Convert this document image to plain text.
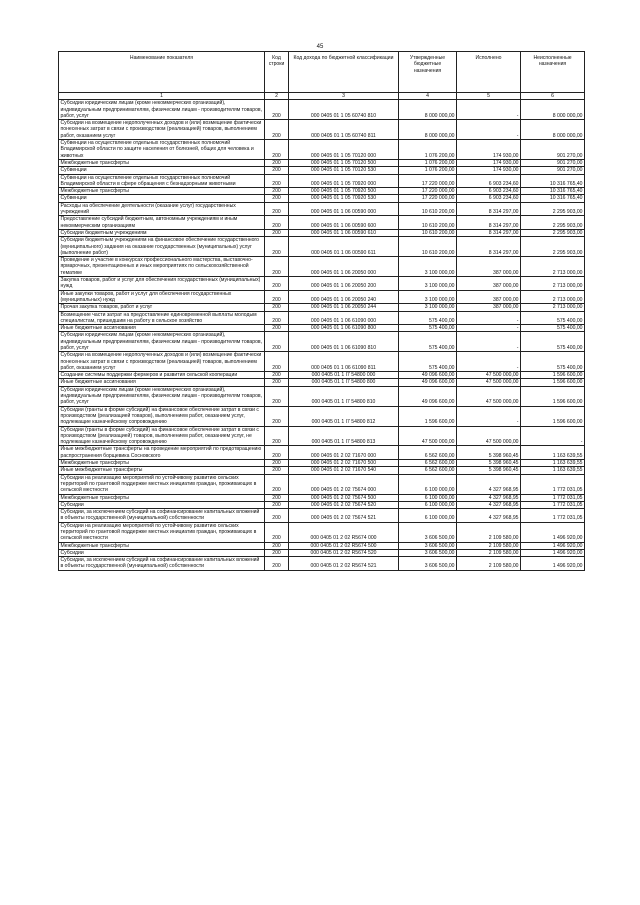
45
Наименование показателя	Код строки	Код дохода по бюджетной классификации	Утвержденные бюджетные назначения	Исполнено	Неисполненные назначения
1	2	3	4	5	6
Субсидии юридическим лицам (кроме некоммерческих организаций), индивидуальным предпринимателям, физическим лицам - производителям товаров, работ, услуг	200	000 0405 01 1 05 60740 810	8 000 000,00	-	8 000 000,00
Субсидии на возмещение недополученных доходов и (или) возмещение фактически понесенных затрат в связи с производством (реализацией) товаров, выполнением работ, оказанием услуг	200	000 0405 01 1 05 60740 811	8 000 000,00	-	8 000 000,00
Субвенции на осуществление отдельных государственных полномочий Владимирской области по защите населения от болезней, общих для человека и животных	200	000 0405 01 1 05 70120 000	1 076 200,00	174 930,00	901 270,00
Межбюджетные трансферты	200	000 0405 01 1 05 70120 500	1 076 200,00	174 930,00	901 270,00
Субвенции	200	000 0405 01 1 05 70120 530	1 076 200,00	174 930,00	901 270,00
Субвенции на осуществление отдельных государственных полномочий Владимирской области в сфере обращения с безнадзорными животными	200	000 0405 01 1 05 70920 000	17 220 000,00	6 903 234,60	10 316 765,40
Межбюджетные трансферты	200	000 0405 01 1 05 70920 500	17 220 000,00	6 903 234,60	10 316 765,40
Субвенции	200	000 0405 01 1 05 70920 530	17 220 000,00	6 903 234,60	10 316 765,40
Расходы на обеспечение деятельности (оказание услуг) государственных учреждений	200	000 0405 01 1 06 00590 000	10 610 200,00	8 314 297,00	2 295 903,00
Предоставление субсидий бюджетным, автономным учреждениям и иным некоммерческим организациям	200	000 0405 01 1 06 00590 600	10 610 200,00	8 314 297,00	2 295 903,00
Субсидии бюджетным учреждениям	200	000 0405 01 1 06 00590 610	10 610 200,00	8 314 297,00	2 295 903,00
Субсидии бюджетным учреждениям на финансовое обеспечение государственного (муниципального) задания на оказание государственных (муниципальных) услуг (выполнение работ)	200	000 0405 01 1 06 00590 611	10 610 200,00	8 314 297,00	2 295 903,00
Проведение и участие в конкурсах профессионального мастерства, выставочно-ярмарочных, презентационных и иных мероприятиях по сельскохозяйственной тематике	200	000 0405 01 1 06 20050 000	3 100 000,00	387 000,00	2 713 000,00
Закупка товаров, работ и услуг для обеспечения государственных (муниципальных) нужд	200	000 0405 01 1 06 20050 200	3 100 000,00	387 000,00	2 713 000,00
Иные закупки товаров, работ и услуг для обеспечения государственных (муниципальных) нужд	200	000 0405 01 1 06 20050 240	3 100 000,00	387 000,00	2 713 000,00
Прочая закупка товаров, работ и услуг	200	000 0405 01 1 06 20050 244	3 100 000,00	387 000,00	2 713 000,00
Возмещение части затрат на предоставление единовременной выплаты молодым специалистам, пришедшим на работу в сельское хозяйство	200	000 0405 01 1 06 61090 000	575 400,00	-	575 400,00
Иные бюджетные ассигнования	200	000 0405 01 1 06 61090 800	575 400,00	-	575 400,00
Субсидии юридическим лицам (кроме некоммерческих организаций), индивидуальным предпринимателям, физическим лицам - производителям товаров, работ, услуг	200	000 0405 01 1 06 61090 810	575 400,00	-	575 400,00
Субсидии на возмещение недополученных доходов и (или) возмещение фактически понесенных затрат в связи с производством (реализацией) товаров, выполнением работ, оказанием услуг	200	000 0405 01 1 06 61090 811	575 400,00	-	575 400,00
Создание системы поддержки фермеров и развития сельской кооперации	200	000 0405 01 1 I7 54800 000	49 096 600,00	47 500 000,00	1 596 600,00
Иные бюджетные ассигнования	200	000 0405 01 1 I7 54800 800	49 096 600,00	47 500 000,00	1 596 600,00
Субсидии юридическим лицам (кроме некоммерческих организаций), индивидуальным предпринимателям, физическим лицам - производителям товаров, работ, услуг	200	000 0405 01 1 I7 54800 810	49 096 600,00	47 500 000,00	1 596 600,00
Субсидии (гранты в форме субсидий) на финансовое обеспечение затрат в связи с производством (реализацией товаров), выполнением работ, оказанием услуг, подлежащие казначейскому сопровождению	200	000 0405 01 1 I7 54800 812	1 596 600,00	-	1 596 600,00
Субсидии (гранты в форме субсидий) на финансовое обеспечение затрат в связи с производством (реализацией) товаров, выполнением работ, оказанием услуг, не подлежащие казначейскому сопровождению	200	000 0405 01 1 I7 54800 813	47 500 000,00	47 500 000,00	-
Иные межбюджетные трансферты на проведение мероприятий по предотвращению распространения борщевика Сосновского	200	000 0405 01 2 02 71670 000	6 562 600,00	5 398 960,45	1 163 639,55
Межбюджетные трансферты	200	000 0405 01 2 02 71670 500	6 562 600,00	5 398 960,45	1 163 639,55
Иные межбюджетные трансферты	200	000 0405 01 2 02 71670 540	6 562 600,00	5 398 960,45	1 163 639,55
Субсидии на реализацию мероприятий по устойчивому развитию сельских территорий по грантовой поддержке местных инициатив граждан, проживающих в сельской местности	200	000 0405 01 2 02 75674 000	6 100 000,00	4 327 968,95	1 772 031,05
Межбюджетные трансферты	200	000 0405 01 2 02 75674 500	6 100 000,00	4 327 968,95	1 772 031,05
Субсидии	200	000 0405 01 2 02 75674 520	6 100 000,00	4 327 968,95	1 772 031,05
Субсидии, за исключением субсидий на софинансирование капитальных вложений в объекты государственной (муниципальной) собственности	200	000 0405 01 2 02 75674 521	6 100 000,00	4 327 968,95	1 772 031,05
Субсидии на реализацию мероприятий по устойчивому развитию сельских территорий по грантовой поддержке местных инициатив граждан, проживающих в сельской местности	200	000 0405 01 2 02 R5674 000	3 606 500,00	2 109 580,00	1 496 920,00
Межбюджетные трансферты	200	000 0405 01 2 02 R5674 500	3 606 500,00	2 109 580,00	1 496 920,00
Субсидии	200	000 0405 01 2 02 R5674 520	3 606 500,00	2 109 580,00	1 496 920,00
Субсидии, за исключением субсидий на софинансирование капитальных вложений в объекты государственной (муниципальной) собственности	200	000 0405 01 2 02 R5674 521	3 606 500,00	2 109 580,00	1 496 920,00
